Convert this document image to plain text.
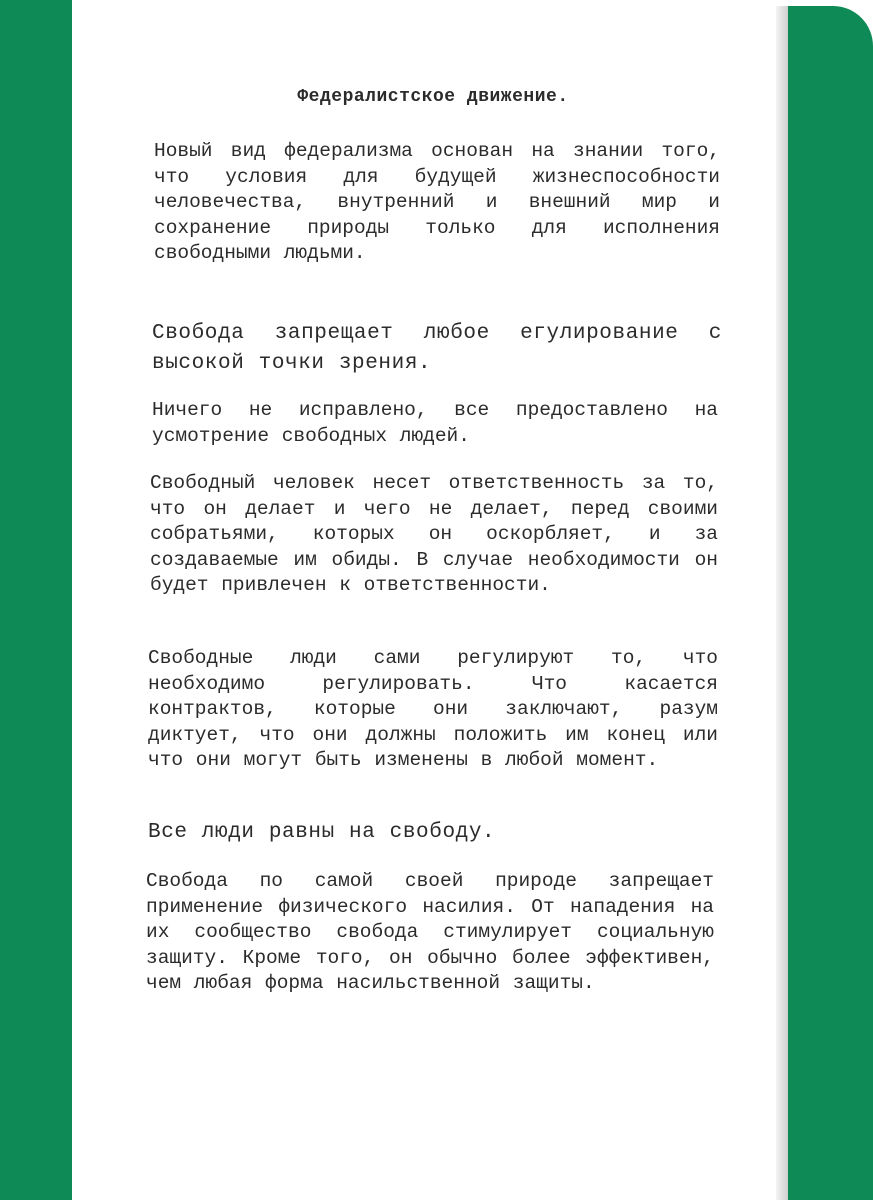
Федералистское движение.
Новый вид федерализма основан на знании того, что условия для будущей жизнеспособности человечества, внутренний и внешний мир и сохранение природы только для исполнения свободными людьми.
Свобода запрещает любое егулирование с высокой точки зрения.
Ничего не исправлено, все предоставлено на усмотрение свободных людей.
Свободный человек несет ответственность за то, что он делает и чего не делает, перед своими собратьями, которых он оскорбляет, и за создаваемые им обиды. В случае необходимости он будет привлечен к ответственности.
Свободные люди сами регулируют то, что необходимо регулировать. Что касается контрактов, которые они заключают, разум диктует, что они должны положить им конец или что они могут быть изменены в любой момент.
Все люди равны на свободу.
Свобода по самой своей природе запрещает применение физического насилия. От нападения на их сообщество свобода стимулирует социальную защиту. Кроме того, он обычно более эффективен, чем любая форма насильственной защиты.
